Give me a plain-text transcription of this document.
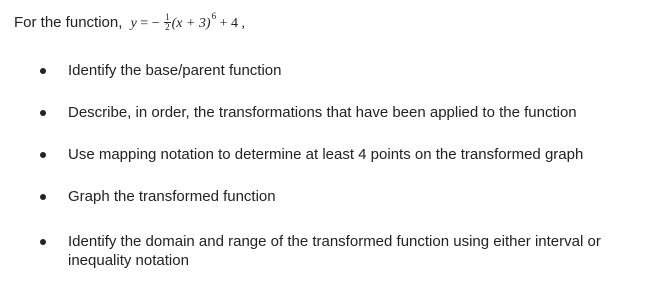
For the function, y = − $\frac{1}{2} (x + 3)^6 + 4$ ,
Identify the base/parent function
Describe, in order, the transformations that have been applied to the function
Use mapping notation to determine at least 4 points on the transformed graph
Graph the transformed function
Identify the domain and range of the transformed function using either interval or inequality notation
